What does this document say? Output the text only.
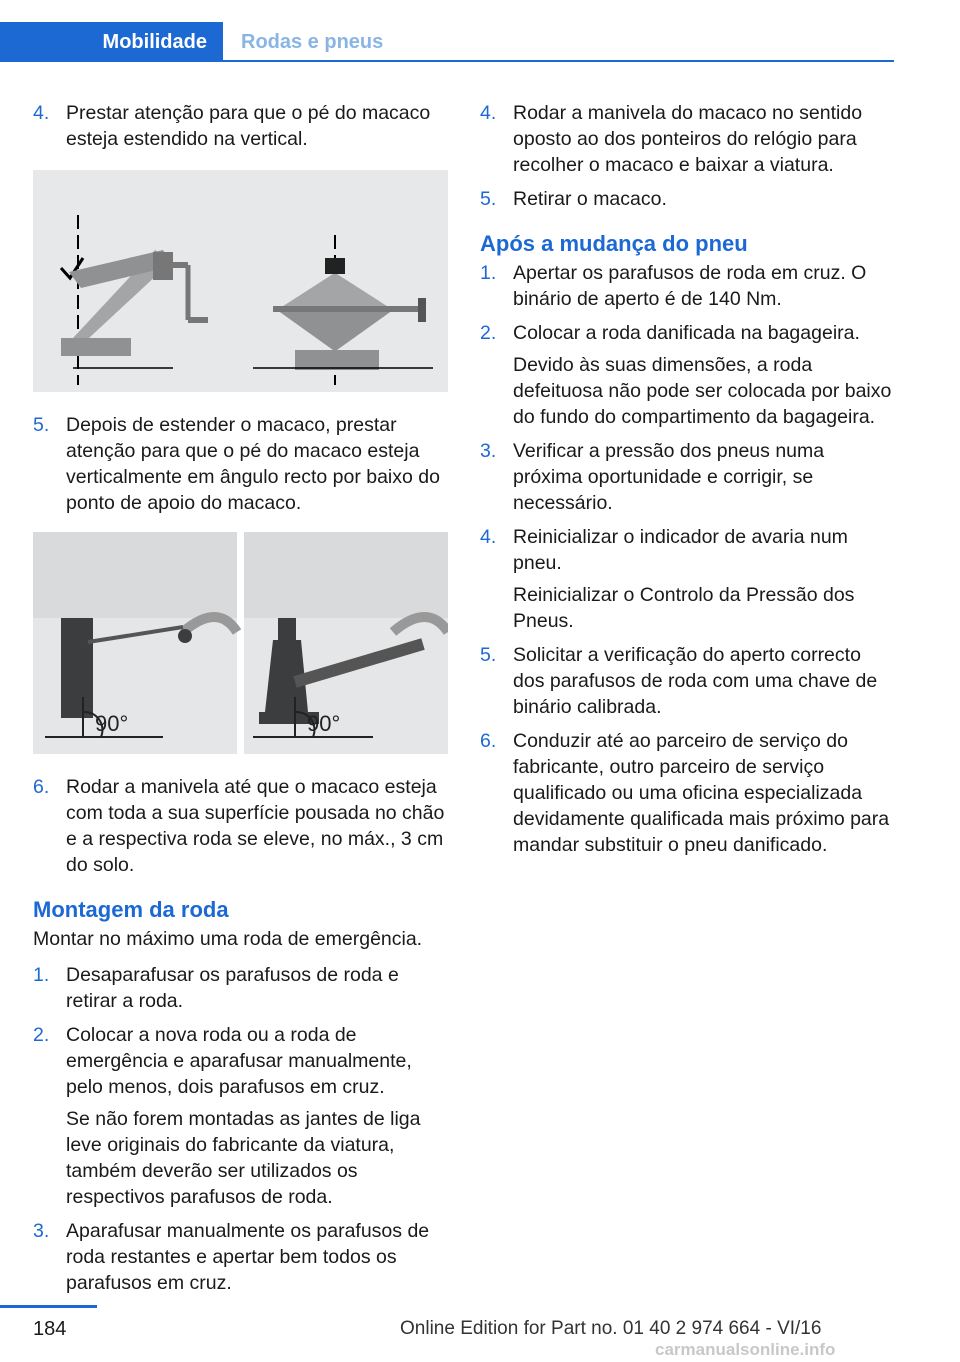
Mobilidade Rodas e pneus
4. Prestar atenção para que o pé do macaco esteja estendido na vertical.
5. Depois de estender o macaco, prestar atenção para que o pé do macaco esteja verticalmente em ângulo recto por baixo do ponto de apoio do macaco.
90°	90°
6. Rodar a manivela até que o macaco esteja com toda a sua superfície pousada no chão e a respectiva roda se eleve, no máx., 3 cm do solo.
Montagem da roda
Montar no máximo uma roda de emergência.
1. Desaparafusar os parafusos de roda e retirar a roda.
2. Colocar a nova roda ou a roda de emergência e aparafusar manualmente, pelo menos, dois parafusos em cruz.
Se não forem montadas as jantes de liga leve originais do fabricante da viatura, também deverão ser utilizados os respectivos parafusos de roda.
3. Aparafusar manualmente os parafusos de roda restantes e apertar bem todos os parafusos em cruz.
4. Rodar a manivela do macaco no sentido oposto ao dos ponteiros do relógio para recolher o macaco e baixar a viatura.
5. Retirar o macaco.
Após a mudança do pneu
1. Apertar os parafusos de roda em cruz. O binário de aperto é de 140 Nm.
2. Colocar a roda danificada na bagageira.
Devido às suas dimensões, a roda defeituosa não pode ser colocada por baixo do fundo do compartimento da bagageira.
3. Verificar a pressão dos pneus numa próxima oportunidade e corrigir, se necessário.
4. Reinicializar o indicador de avaria num pneu.
Reinicializar o Controlo da Pressão dos Pneus.
5. Solicitar a verificação do aperto correcto dos parafusos de roda com uma chave de binário calibrada.
6. Conduzir até ao parceiro de serviço do fabricante, outro parceiro de serviço qualificado ou uma oficina especializada devidamente qualificada mais próximo para mandar substituir o pneu danificado.
184	Online Edition for Part no. 01 40 2 974 664 - VI/16
carmanualsonline.info
